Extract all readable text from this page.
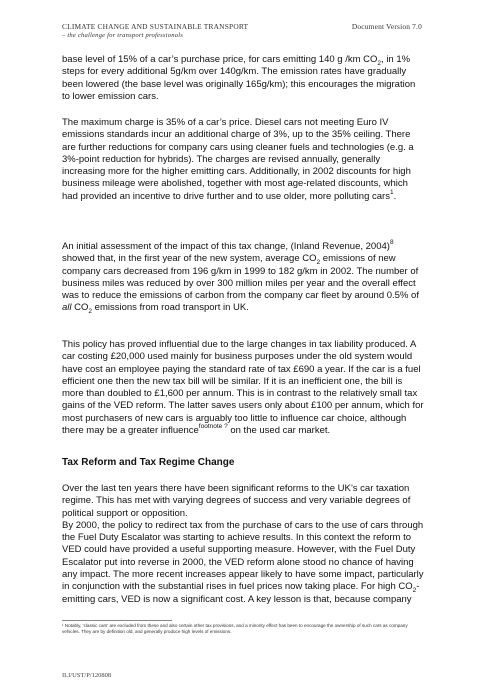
CLIMATE CHANGE AND SUSTAINABLE TRANSPORT
– the challenge for transport professionals
Document Version 7.0

base level of 15% of a car’s purchase price, for cars emitting 140 g /km $CO_2$, in 1% steps for every additional 5g/km over 140g/km. The emission rates have gradually been lowered (the base level was originally 165g/km); this encourages the migration to lower emission cars.

The maximum charge is 35% of a car’s price. Diesel cars not meeting Euro IV emissions standards incur an additional charge of 3%, up to the 35% ceiling. There are further reductions for company cars using cleaner fuels and technologies (e.g. a 3%-point reduction for hybrids). The charges are revised annually, generally increasing more for the higher emitting cars. Additionally, in 2002 discounts for high business mileage were abolished, together with most age-related discounts, which had provided an incentive to drive further and to use older, more polluting cars$^1$.

An initial assessment of the impact of this tax change, (Inland Revenue, 2004)$^8$ showed that, in the first year of the new system, average $CO_2$ emissions of new company cars decreased from 196 g/km in 1999 to 182 g/km in 2002. The number of business miles was reduced by over 300 million miles per year and the overall effect was to reduce the emissions of carbon from the company car fleet by around 0.5% of all $CO_2$ emissions from road transport in UK.

This policy has proved influential due to the large changes in tax liability produced. A car costing £20,000 used mainly for business purposes under the old system would have cost an employee paying the standard rate of tax £690 a year. If the car is a fuel efficient one then the new tax bill will be similar. If it is an inefficient one, the bill is more than doubled to £1,600 per annum. This is in contrast to the relatively small tax gains of the VED reform. The latter saves users only about £100 per annum, which for most purchasers of new cars is arguably too little to influence car choice, although there may be a greater influence$^{footnote ?}$ on the used car market.

Tax Reform and Tax Regime Change

Over the last ten years there have been significant reforms to the UK’s car taxation regime. This has met with varying degrees of success and very variable degrees of political support or opposition.

By 2000, the policy to redirect tax from the purchase of cars to the use of cars through the Fuel Duty Escalator was starting to achieve results. In this context the reform to VED could have provided a useful supporting measure. However, with the Fuel Duty Escalator put into reverse in 2000, the VED reform alone stood no chance of having any impact. The more recent increases appear likely to have some impact, particularly in conjunction with the substantial rises in fuel prices now taking place. For high $CO_2$-emitting cars, VED is now a significant cost. A key lesson is that, because company

¹ Notably, ‘classic cars’ are excluded from these and also certain other tax provisions, and a minority effect has been to encourage the ownership of such cars as company vehicles. They are by definition old, and generally produce high levels of emissions.
ILI/UST/P/120808
